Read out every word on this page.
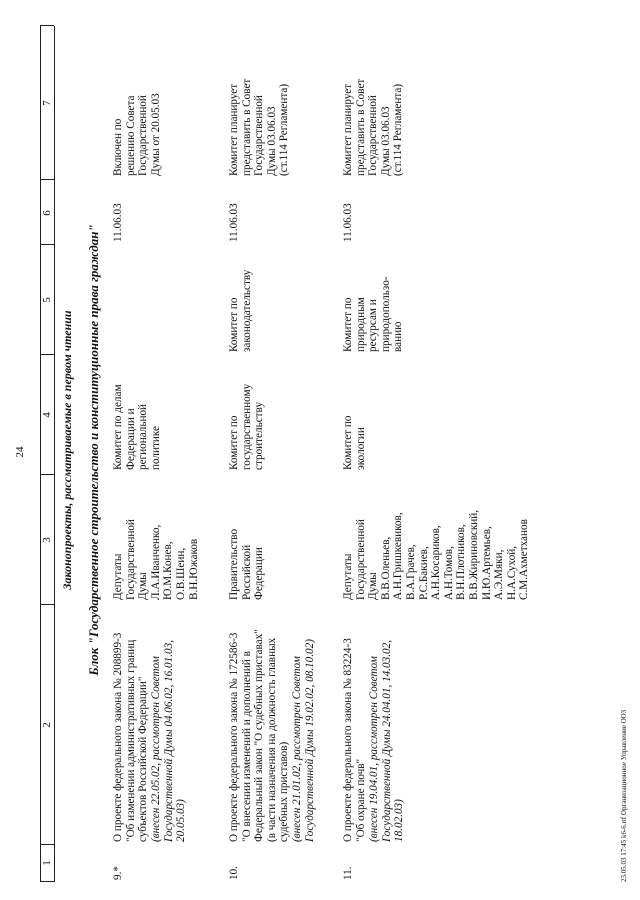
24
1
2
3
4
5
6
7
Законопроекты, рассматриваемые в первом чтении Блок "Государственное строительство и конституционные права граждан"
9.*
О проекте федерального закона № 208899-3
"Об изменении административных границ
субъектов Российской Федерации"
(внесен 22.05.02, рассмотрен Советом
Государственной Думы 04.06.02, 16.01.03,
20.05.03)
Депутаты
Государственной
Думы
Л.А.Иванченко,
Ю.М.Конев,
О.В.Шеин,
В.Н.Южаков
Комитет по делам
Федерации и
региональной
политике
11.06.03
Включен по
решению Совета
Государственной
Думы от 20.05.03
10.
О проекте федерального закона № 172586-3
"О внесении изменений и дополнений в
Федеральный закон "О судебных приставах"
(в части назначения на должность главных
судебных приставов)
(внесен 21.01.02, рассмотрен Советом
Государственной Думы 19.02.02, 08.10.02)
Правительство
Российской
Федерации
Комитет по
государственному
строительству
Комитет по
законодательству
11.06.03
Комитет планирует
представить в Совет
Государственной
Думы 03.06.03
(ст.114 Регламента)
11.
О проекте федерального закона № 83224-3
"Об охране почв"
(внесен 19.04.01, рассмотрен Советом
Государственной Думы 24.04.01, 14.03.02,
18.02.03)
Депутаты
Государственной
Думы
В.В.Оленьев,
А.Н.Гришкевиков,
В.А.Грачев,
Р.С.Бакиев,
А.Н.Косариков,
А.Н.Томов,
В.Н.Плотников,
В.В.Жириновский,
И.Ю.Артемьев,
А.Э.Мяки,
Н.А.Сухой,
С.М.Ахметханов
Комитет по
экологии
Комитет по
природным
ресурсам и
природопользо-
ванию
11.06.03
Комитет планирует
представить в Совет
Государственной
Думы 03.06.03
(ст.114 Регламента)
23.05.03 17:45 k6-6.rtf Организационное Управление ООЗ
